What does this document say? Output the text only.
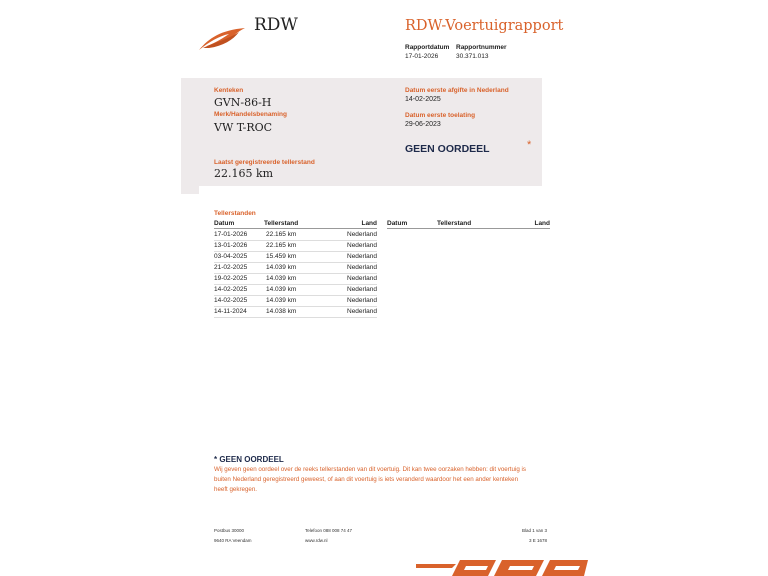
RDW	RDW-Voertuigrapport
Rapportdatum
17-01-2026
Rapportnummer
30.371.013
Kenteken
GVN-86-H
Merk/Handelsbenaming
VW T-ROC
Datum eerste afgifte in Nederland
14-02-2025
Datum eerste toelating
29-06-2023
GEEN OORDEEL	*
Laatst geregistreerde tellerstand
22.165 km
Tellerstanden
Datum	Tellerstand	Land Datum	Tellerstand	Land
17-01-2026	22.165 km	Nederland
13-01-2026	22.165 km	Nederland
03-04-2025	15.459 km	Nederland
21-02-2025	14.039 km	Nederland
19-02-2025	14.039 km	Nederland
14-02-2025	14.039 km	Nederland
14-02-2025	14.039 km	Nederland
14-11-2024	14.038 km	Nederland
* GEEN OORDEEL
Wij geven geen oordeel over de reeks tellerstanden van dit voertuig. Dit kan twee oorzaken hebben: dit voertuig is
buiten Nederland geregistreerd geweest, of aan dit voertuig is iets veranderd waardoor het een ander kenteken
heeft gekregen.
Postbus 30000
9640 RA Veendam
Telefoon 088 008 74 47
www.rdw.nl
Blad 1 van 3
3 E 1678
